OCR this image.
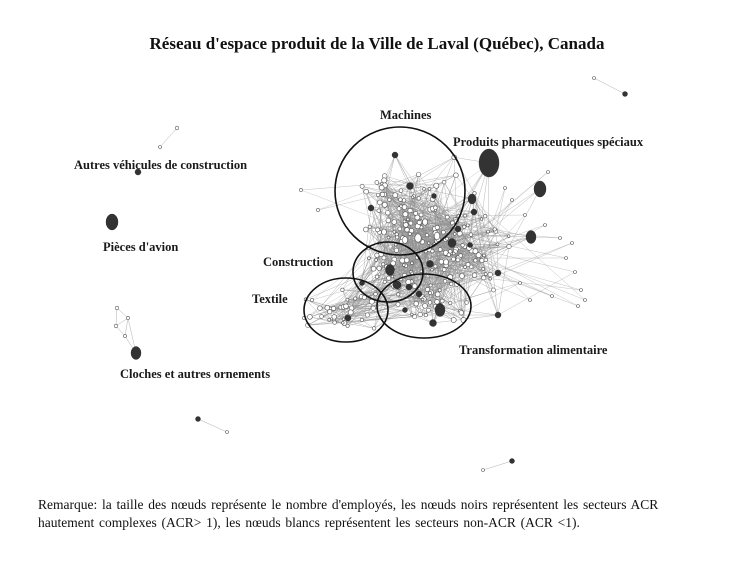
Réseau d'espace produit de la Ville de Laval (Québec), Canada
Machines
Produits pharmaceutiques spéciaux
Autres véhicules de construction
Pièces d'avion
Construction
Textile
Transformation alimentaire
Cloches et autres ornements
Remarque: la taille des nœuds représente le nombre d'employés, les nœuds noirs représentent les secteurs ACR
hautement complexes (ACR> 1), les nœuds blancs représentent les secteurs non-ACR (ACR <1).
